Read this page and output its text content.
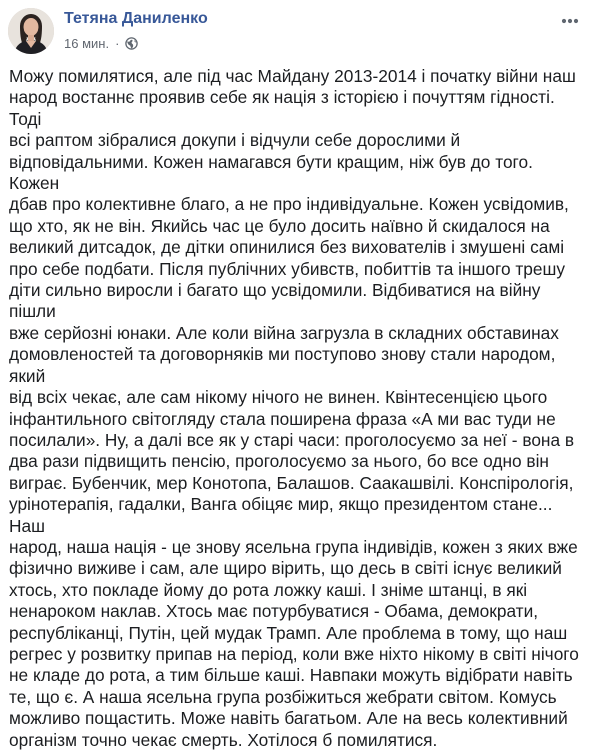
Тетяна Даниленко
16 мин. ·

Можу помилятися, але під час Майдану 2013-2014 і початку війни наш
народ востаннє проявив себе як нація з історією і почуттям гідності. Тоді
всі раптом зібралися докупи і відчули себе дорослими й
відповідальними. Кожен намагався бути кращим, ніж був до того. Кожен
дбав про колективне благо, а не про індивідуальне. Кожен усвідомив,
що хто, як не він. Якийсь час це було досить наївно й скидалося на
великий дитсадок, де дітки опинилися без вихователів і змушені самі
про себе подбати. Після публічних убивств, побиттів та іншого трешу
діти сильно виросли і багато що усвідомили. Відбиватися на війну пішли
вже серйозні юнаки. Але коли війна загрузла в складних обставинах
домовленостей та договорняків ми поступово знову стали народом, який
від всіх чекає, але сам нікому нічого не винен. Квінтесенцією цього
інфантильного світогляду стала поширена фраза «А ми вас туди не
посилали». Ну, а далі все як у старі часи: проголосуємо за неї - вона в
два рази підвищить пенсію, проголосуємо за нього, бо все одно він
виграє. Бубенчик, мер Конотопа, Балашов. Саакашвілі. Конспірологія,
урінотерапія, гадалки, Ванга обіцяє мир, якщо президентом стане... Наш
народ, наша нація - це знову ясельна група індивідів, кожен з яких вже
фізично виживе і сам, але щиро вірить, що десь в світі існує великий
хтось, хто покладе йому до рота ложку каші. І зніме штанці, в які
ненароком наклав. Хтось має потурбуватися - Обама, демократи,
республіканці, Путін, цей мудак Трамп. Але проблема в тому, що наш
регрес у розвитку припав на період, коли вже ніхто нікому в світі нічого
не кладе до рота, а тим більше каші. Навпаки можуть відібрати навіть
те, що є. А наша ясельна група розбіжиться жебрати світом. Комусь
можливо пощастить. Може навіть багатьом. Але на весь колективний
організм точно чекає смерть. Хотілося б помилятися.
